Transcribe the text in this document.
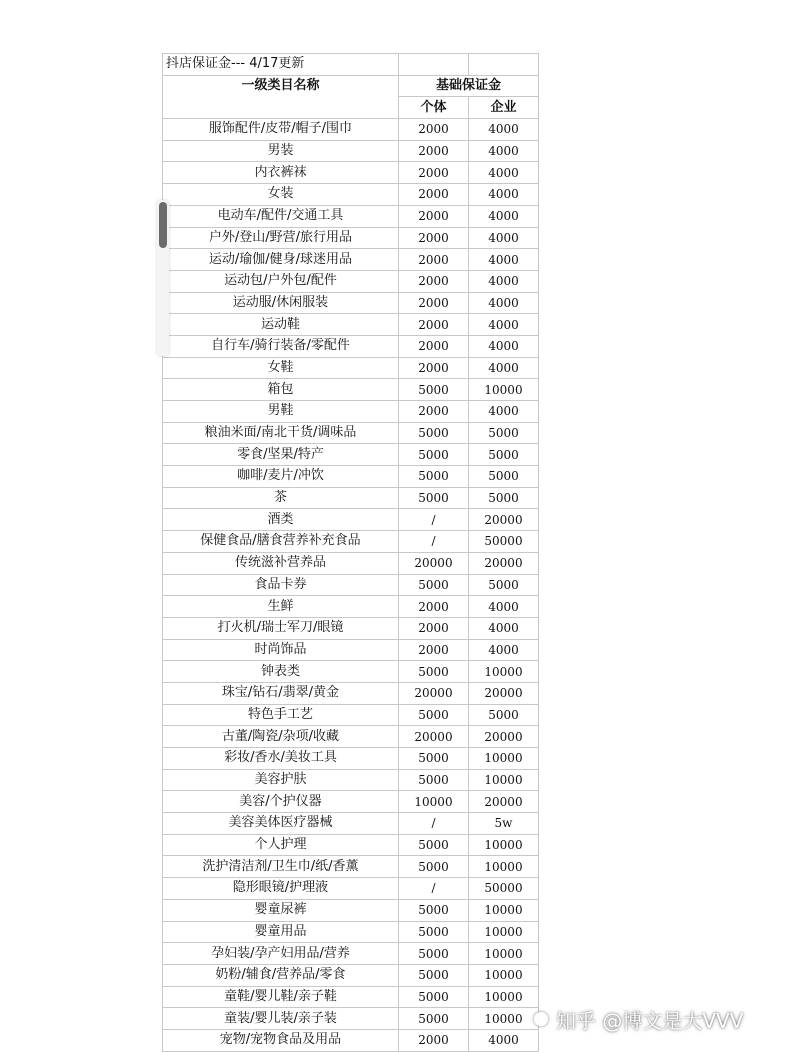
抖店保证金--- 4/17更新		
一级类目名称	基础保证金	
	个体	企业
服饰配件/皮带/帽子/围巾	2000	4000
男装	2000	4000
内衣裤袜	2000	4000
女装	2000	4000
电动车/配件/交通工具	2000	4000
户外/登山/野营/旅行用品	2000	4000
运动/瑜伽/健身/球迷用品	2000	4000
运动包/户外包/配件	2000	4000
运动服/休闲服装	2000	4000
运动鞋	2000	4000
自行车/骑行装备/零配件	2000	4000
女鞋	2000	4000
箱包	5000	10000
男鞋	2000	4000
粮油米面/南北干货/调味品	5000	5000
零食/坚果/特产	5000	5000
咖啡/麦片/冲饮	5000	5000
茶	5000	5000
酒类	/	20000
保健食品/膳食营养补充食品	/	50000
传统滋补营养品	20000	20000
食品卡券	5000	5000
生鲜	2000	4000
打火机/瑞士军刀/眼镜	2000	4000
时尚饰品	2000	4000
钟表类	5000	10000
珠宝/钻石/翡翠/黄金	20000	20000
特色手工艺	5000	5000
古董/陶瓷/杂项/收藏	20000	20000
彩妆/香水/美妆工具	5000	10000
美容护肤	5000	10000
美容/个护仪器	10000	20000
美容美体医疗器械	/	5w
个人护理	5000	10000
洗护清洁剂/卫生巾/纸/香薰	5000	10000
隐形眼镜/护理液	/	50000
婴童尿裤	5000	10000
婴童用品	5000	10000
孕妇装/孕产妇用品/营养	5000	10000
奶粉/辅食/营养品/零食	5000	10000
童鞋/婴儿鞋/亲子鞋	5000	10000
童装/婴儿装/亲子装	5000	10000
宠物/宠物食品及用品	2000	4000
知乎 @博文是大VVV
